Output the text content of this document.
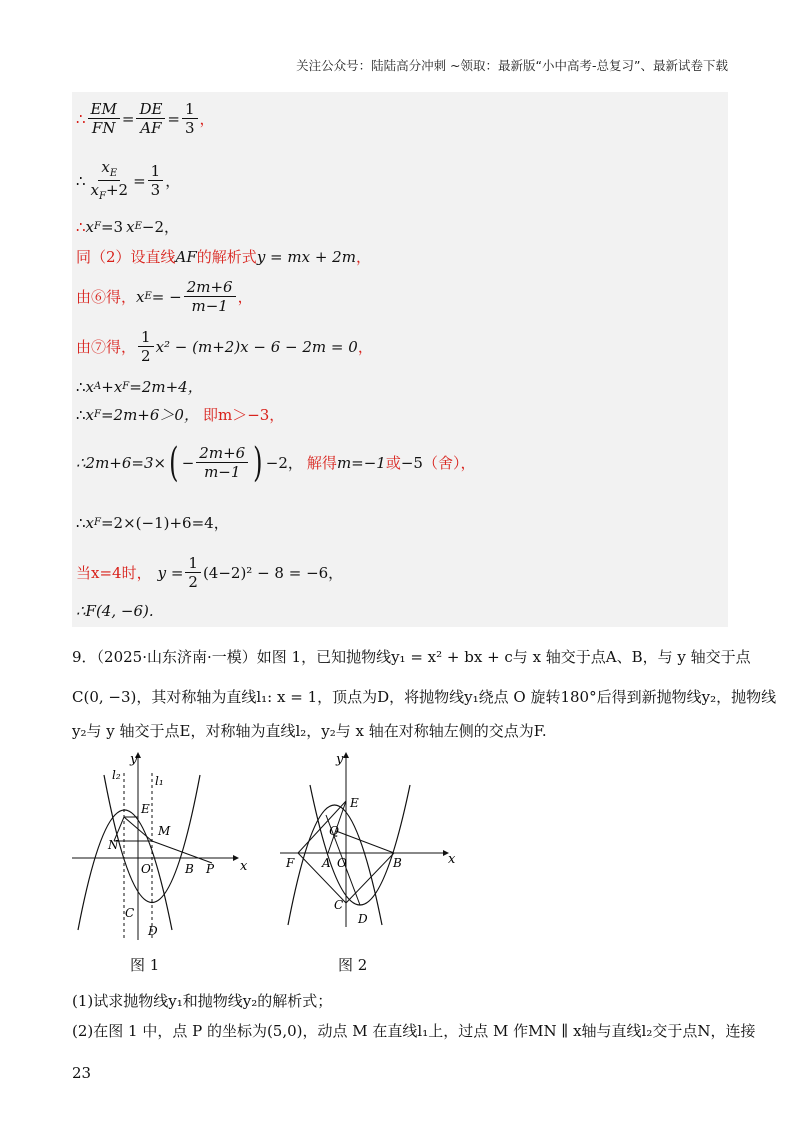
关注公众号：陆陆高分冲刺 ~领取：最新版“小中高考-总复习”、最新试卷下载
∴ $\frac{EM}{FN} = \frac{DE}{AF} = \frac{1}{3}$ ，
∴ $\frac{x_E}{x_F+2} = \frac{1}{3}$ ，
∴ x F =3 x E −2，
同（2）设直线 AF 的解析式 y = mx + 2m ，
由⑥得， x E = − $\frac{2m+6}{m-1}$ ，
由⑦得， $\frac{1}{2} x^2 - (m+2)x - 6 - 2m = 0$ ，
∴ x A + x F =2m+4，
∴ x F =2m+6＞0， 即m＞−3，
∴2m+6=3× ( − $\frac{2m+6}{m-1}$ ) −2， 解得 m=−1 或 −5 （舍），
∴ x F =2×(−1)+6=4，
当x=4时， $y = \frac{1}{2} (4-2)^2 - 8 = -6$，
∴F(4, −6).
9．（2025·山东济南·一模）如图 1，已知抛物线y₁ = x² + bx + c与 x 轴交于点A、B，与 y 轴交于点
C(0, −3)，其对称轴为直线l₁: x = 1，顶点为D，将抛物线y₁绕点 O 旋转180°后得到新抛物线y₂，抛物线
y₂与 y 轴交于点E，对称轴为直线l₂，y₂与 x 轴在对称轴左侧的交点为F.
y
x
l₂	l₁
E
M
N
O	B P
C
D
图 1
y
x
E
Q
F A O	B
C
D
图 2
(1)试求抛物线y₁和抛物线y₂的解析式；
(2)在图 1 中，点 P 的坐标为(5,0)，动点 M 在直线l₁上，过点 M 作MN ∥ x轴与直线l₂交于点N，连接
23
